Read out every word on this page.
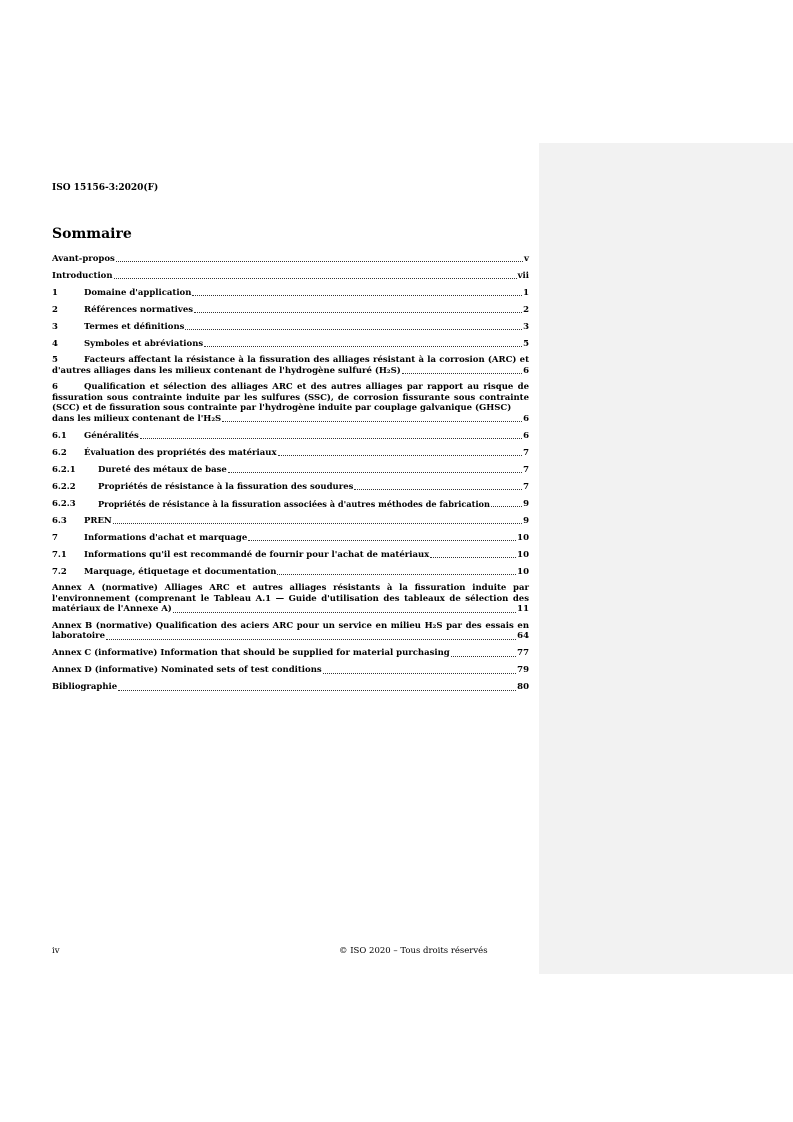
ISO 15156-3:2020(F)
Sommaire
Avant-propos	v
Introduction	vii
1	Domaine d'application	1
2	Références normatives	2
3	Termes et définitions	3
4	Symboles et abréviations	5
5	Facteurs affectant la résistance à la fissuration des alliages résistant à la corrosion (ARC) et
d'autres alliages dans les milieux contenant de l'hydrogène sulfuré (H₂S)	6
6	Qualification et sélection des alliages ARC et des autres alliages par rapport au risque de fissuration sous contrainte induite par les sulfures (SSC), de corrosion fissurante sous contrainte (SCC) et de fissuration sous contrainte par l'hydrogène induite par couplage galvanique (GHSC)
dans les milieux contenant de l'H₂S	6
6.1	Généralités	6
6.2	Évaluation des propriétés des matériaux	7
6.2.1	Dureté des métaux de base	7
6.2.2	Propriétés de résistance à la fissuration des soudures	7
6.2.3	Propriétés de résistance à la fissuration associées à d'autres méthodes de fabrication	9
6.3	PREN	9
7	Informations d'achat et marquage	10
7.1	Informations qu'il est recommandé de fournir pour l'achat de matériaux	10
7.2	Marquage, étiquetage et documentation	10
Annex A (normative) Alliages ARC et autres alliages résistants à la fissuration induite par l'environnement (comprenant le Tableau A.1 — Guide d'utilisation des tableaux de sélection des
matériaux de l'Annexe A)	11
Annex B (normative) Qualification des aciers ARC pour un service en milieu H₂S par des essais en
laboratoire	64
Annex C (informative) Information that should be supplied for material purchasing	77
Annex D (informative) Nominated sets of test conditions	79
Bibliographie	80
iv	© ISO 2020 – Tous droits réservés
